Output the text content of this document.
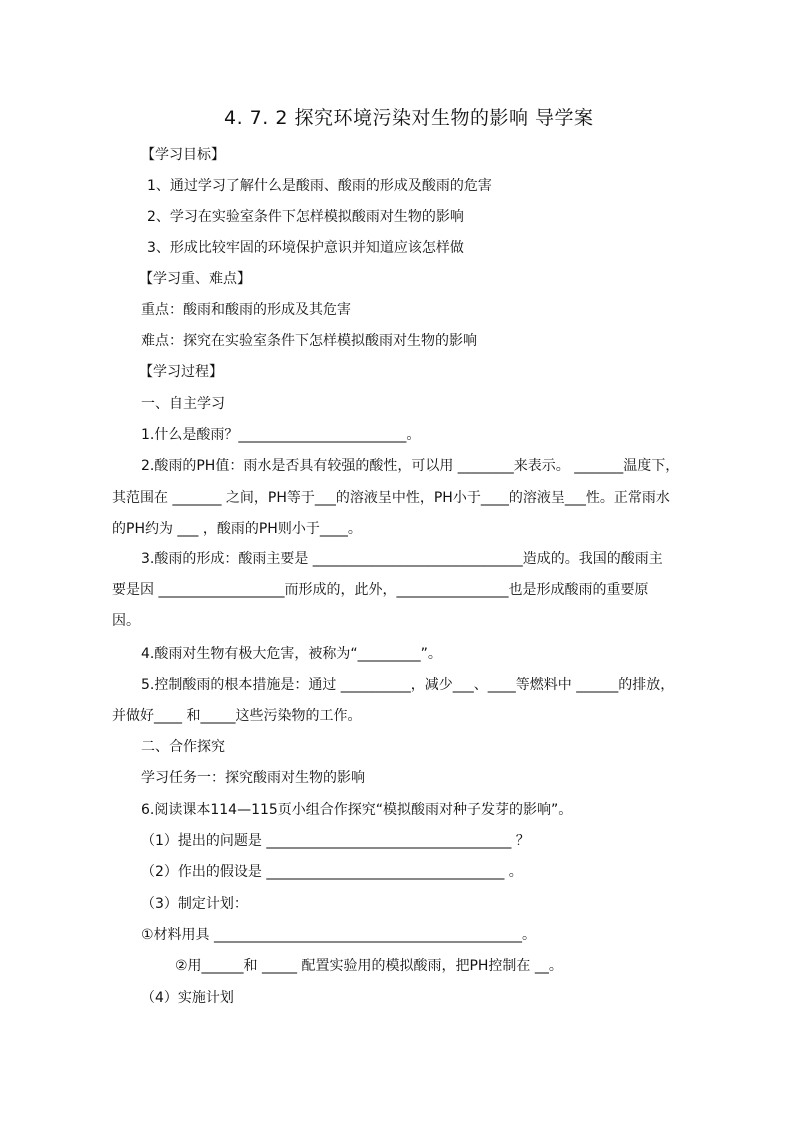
4. 7. 2 探究环境污染对生物的影响 导学案
【学习目标】
1、通过学习了解什么是酸雨、酸雨的形成及酸雨的危害
2、学习在实验室条件下怎样模拟酸雨对生物的影响
3、形成比较牢固的环境保护意识并知道应该怎样做
【学习重、难点】
重点：酸雨和酸雨的形成及其危害
难点：探究在实验室条件下怎样模拟酸雨对生物的影响
【学习过程】
一、自主学习
1.什么是酸雨？________________________。
2.酸雨的PH值：雨水是否具有较强的酸性，可以用 ________来表示。 _______温度下，
其范围在 _______ 之间，PH等于___的溶液呈中性，PH小于____的溶液呈___性。正常雨水
的PH约为 ___ ，酸雨的PH则小于____。
3.酸雨的形成：酸雨主要是 ______________________________造成的。我国的酸雨主
要是因 __________________而形成的，此外，________________也是形成酸雨的重要原
因。
4.酸雨对生物有极大危害，被称为“_________”。
5.控制酸雨的根本措施是：通过 __________，减少___、____等燃料中 ______的排放，
并做好____ 和_____这些污染物的工作。
二、合作探究
学习任务一：探究酸雨对生物的影响
6.阅读课本114—115页小组合作探究“模拟酸雨对种子发芽的影响”。
（1）提出的问题是 ___________________________________ ？
（2）作出的假设是 __________________________________ 。
（3）制定计划：
①材料用具 ____________________________________________。
②用______和 _____ 配置实验用的模拟酸雨，把PH控制在 __。
（4）实施计划
